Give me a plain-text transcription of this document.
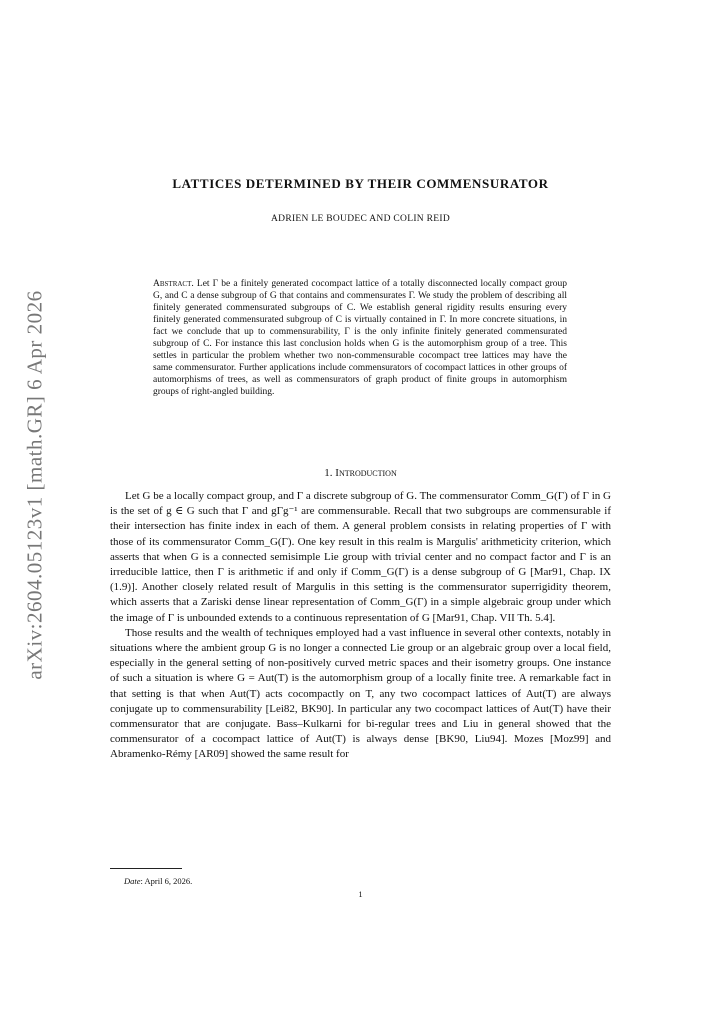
arXiv:2604.05123v1 [math.GR] 6 Apr 2026
LATTICES DETERMINED BY THEIR COMMENSURATOR
ADRIEN LE BOUDEC AND COLIN REID
Abstract. Let Γ be a finitely generated cocompact lattice of a totally disconnected locally compact group G, and C a dense subgroup of G that contains and commensurates Γ. We study the problem of describing all finitely generated commensurated subgroups of C. We establish general rigidity results ensuring every finitely generated commensurated subgroup of C is virtually contained in Γ. In more concrete situations, in fact we conclude that up to commensurability, Γ is the only infinite finitely generated commensurated subgroup of C. For instance this last conclusion holds when G is the automorphism group of a tree. This settles in particular the problem whether two non-commensurable cocompact tree lattices may have the same commensurator. Further applications include commensurators of cocompact lattices in other groups of automorphisms of trees, as well as commensurators of graph product of finite groups in automorphism groups of right-angled building.
1. Introduction

Let G be a locally compact group, and Γ a discrete subgroup of G. The commensurator Comm_G(Γ) of Γ in G is the set of g ∈ G such that Γ and gΓg⁻¹ are commensurable. Recall that two subgroups are commensurable if their intersection has finite index in each of them. A general problem consists in relating properties of Γ with those of its commensurator Comm_G(Γ). One key result in this realm is Margulis' arithmeticity criterion, which asserts that when G is a connected semisimple Lie group with trivial center and no compact factor and Γ is an irreducible lattice, then Γ is arithmetic if and only if Comm_G(Γ) is a dense subgroup of G [Mar91, Chap. IX (1.9)]. Another closely related result of Margulis in this setting is the commensurator superrigidity theorem, which asserts that a Zariski dense linear representation of Comm_G(Γ) in a simple algebraic group under which the image of Γ is unbounded extends to a continuous representation of G [Mar91, Chap. VII Th. 5.4].

Those results and the wealth of techniques employed had a vast influence in several other contexts, notably in situations where the ambient group G is no longer a connected Lie group or an algebraic group over a local field, especially in the general setting of non-positively curved metric spaces and their isometry groups. One instance of such a situation is where G = Aut(T) is the automorphism group of a locally finite tree. A remarkable fact in that setting is that when Aut(T) acts cocompactly on T, any two cocompact lattices of Aut(T) are always conjugate up to commensurability [Lei82, BK90]. In particular any two cocompact lattices of Aut(T) have their commensurator that are conjugate. Bass–Kulkarni for bi-regular trees and Liu in general showed that the commensurator of a cocompact lattice of Aut(T) is always dense [BK90, Liu94]. Mozes [Moz99] and Abramenko-Rémy [AR09] showed the same result for

Date: April 6, 2026.
1
